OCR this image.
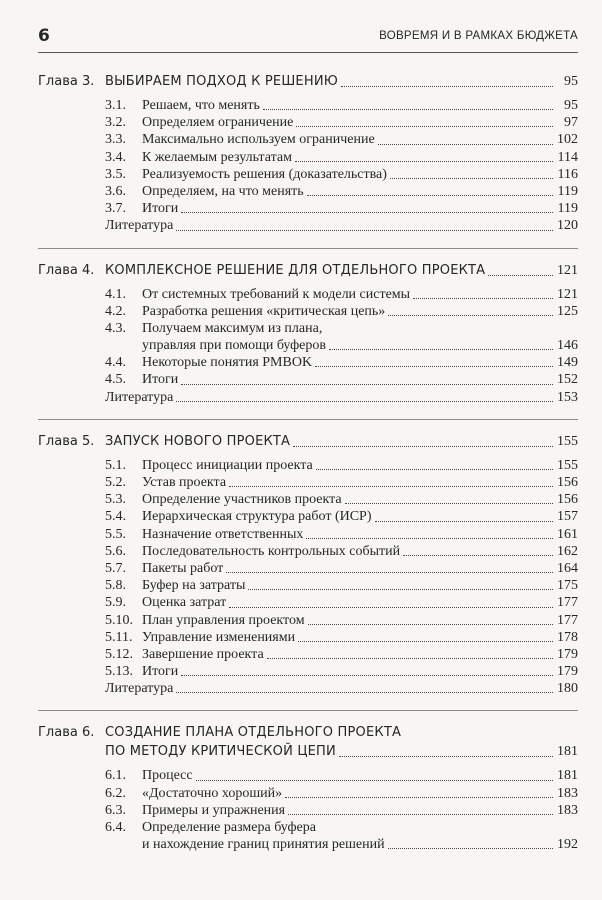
6	ВОВРЕМЯ И В РАМКАХ БЮДЖЕТА
Глава 3. ВЫБИРАЕМ ПОДХОД К РЕШЕНИЮ	95
3.1. Решаем, что менять	95
3.2. Определяем ограничение	97
3.3. Максимально используем ограничение	102
3.4. К желаемым результатам	114
3.5. Реализуемость решения (доказательства)	116
3.6. Определяем, на что менять	119
3.7. Итоги	119
Литература	120
Глава 4. КОМПЛЕКСНОЕ РЕШЕНИЕ ДЛЯ ОТДЕЛЬНОГО ПРОЕКТА	121
4.1. От системных требований к модели системы	121
4.2. Разработка решения «критическая цепь»	125
4.3. Получаем максимум из плана,
управляя при помощи буферов	146
4.4. Некоторые понятия PMBOK	149
4.5. Итоги	152
Литература	153
Глава 5. ЗАПУСК НОВОГО ПРОЕКТА	155
5.1. Процесс инициации проекта	155
5.2. Устав проекта	156
5.3. Определение участников проекта	156
5.4. Иерархическая структура работ (ИСР)	157
5.5. Назначение ответственных	161
5.6. Последовательность контрольных событий	162
5.7. Пакеты работ	164
5.8. Буфер на затраты	175
5.9. Оценка затрат	177
5.10. План управления проектом	177
5.11. Управление изменениями	178
5.12. Завершение проекта	179
5.13. Итоги	179
Литература	180
Глава 6. СОЗДАНИЕ ПЛАНА ОТДЕЛЬНОГО ПРОЕКТА
ПО МЕТОДУ КРИТИЧЕСКОЙ ЦЕПИ	181
6.1. Процесс	181
6.2. «Достаточно хороший»	183
6.3. Примеры и упражнения	183
6.4. Определение размера буфера
и нахождение границ принятия решений	192
